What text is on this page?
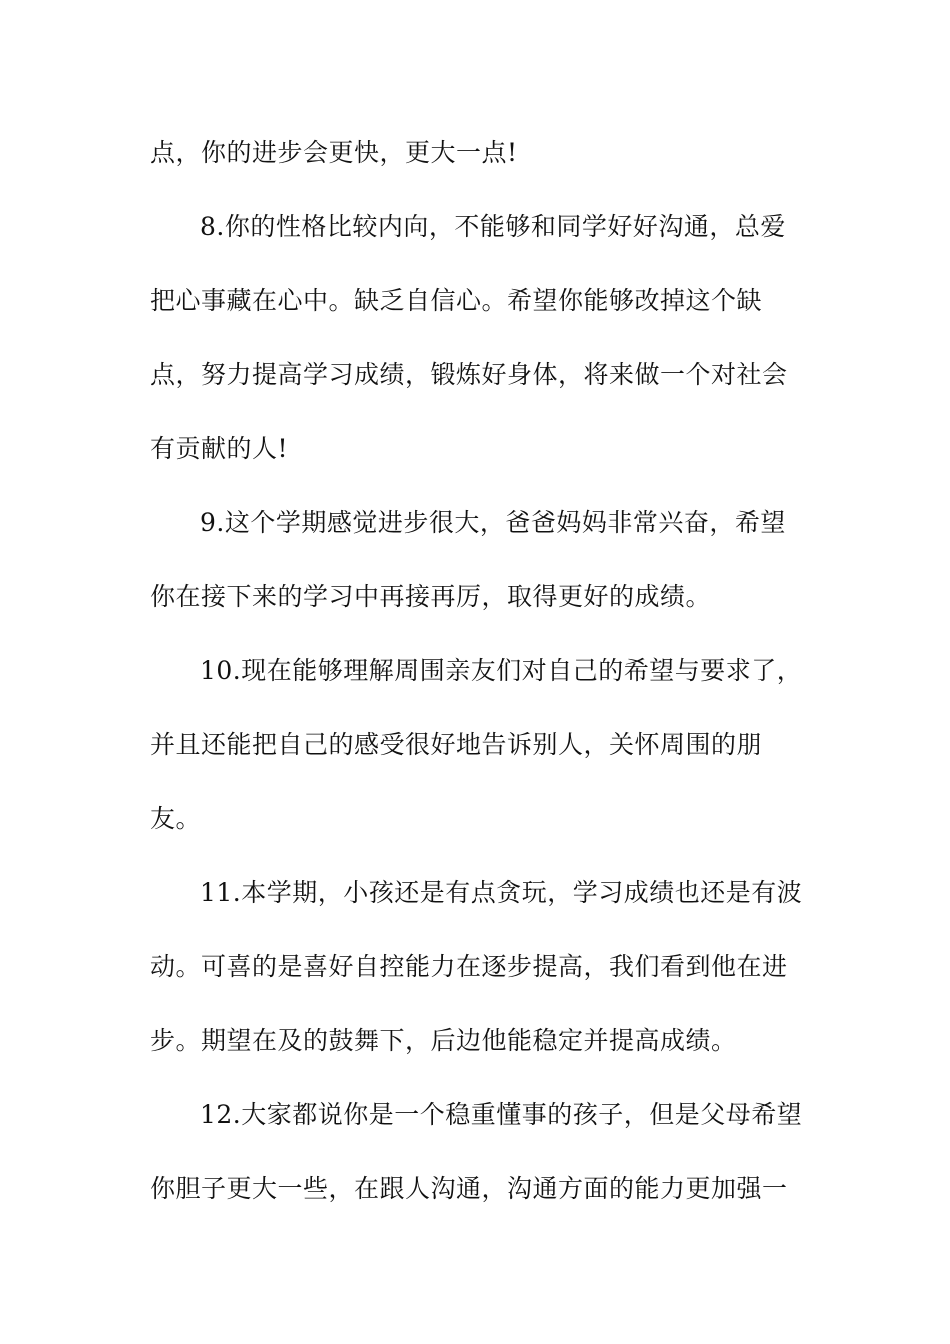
点，你的进步会更快，更大一点!
8.你的性格比较内向，不能够和同学好好沟通，总爱
把心事藏在心中。缺乏自信心。希望你能够改掉这个缺
点，努力提高学习成绩，锻炼好身体，将来做一个对社会
有贡献的人!
9.这个学期感觉进步很大，爸爸妈妈非常兴奋，希望
你在接下来的学习中再接再厉，取得更好的成绩。
10.现在能够理解周围亲友们对自己的希望与要求了，
并且还能把自己的感受很好地告诉别人，关怀周围的朋
友。
11.本学期，小孩还是有点贪玩，学习成绩也还是有波
动。可喜的是喜好自控能力在逐步提高，我们看到他在进
步。期望在及的鼓舞下，后边他能稳定并提高成绩。
12.大家都说你是一个稳重懂事的孩子，但是父母希望
你胆子更大一些，在跟人沟通，沟通方面的能力更加强一
